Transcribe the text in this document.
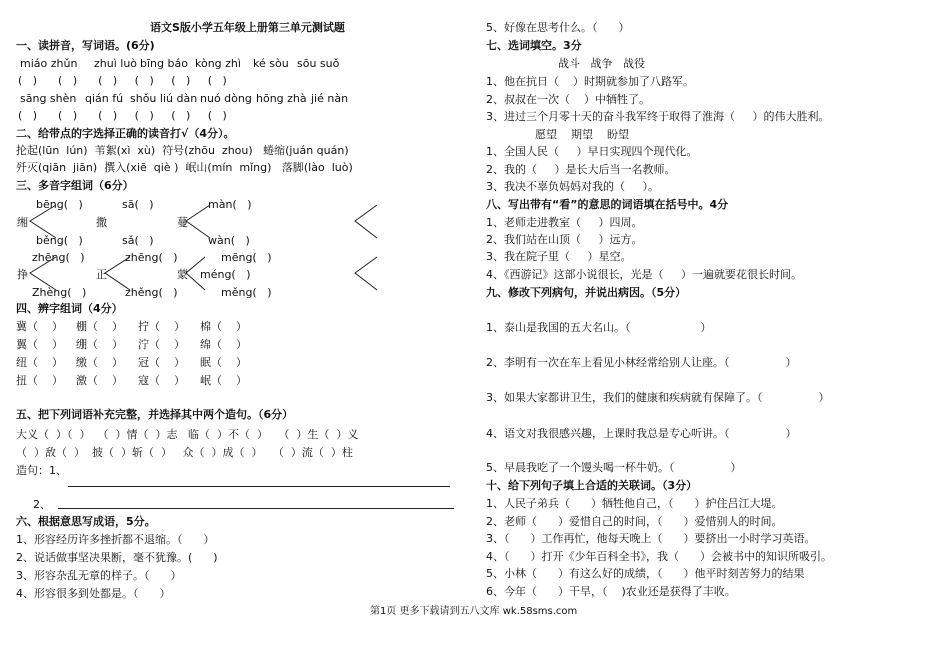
语文S版小学五年级上册第三单元测试题
一、读拼音，写词语。(6分)
miáo zhǔn zhuì luò bīng báo kòng zhì ké sòu sōu suǒ
(   )      (   )      (   )     (   )     (   )     (   )
sāng shèn qián fú shǒu liú dàn nuó dòng hōng zhà jié nàn
(   )      (   )      (   )     (   )     (   )     (   )
二、给带点的字选择正确的读音打√（4分）。
抡起(lūn  lún)  苇絮(xì  xù)  符号(zhōu  zhou)   蜷缩(juán quán)
歼灭(qiān  jiān)  撰入(xiē  qiè )  岷山(mín  mǐng)   落脚(lào  luò)
三、多音字组词（6分）
bēng(   )	sā(   )	màn(   )
缃	撒	蔓
běng(   )	sǎ(   )	wàn(   )
zhēng(   )	zhēng(   )	mēng(   )
挣	正	蒙 méng(   )
Zhèng(   )	zhěng(   )	měng(   )
四、辨字组词（4分）
冀（    ） 棚（    ） 拧（    ） 棉（    ）
翼（    ） 绷（    ） 泞（    ） 绵（    ）
纽（    ） 缴（    ） 冠（    ） 眠（    ）
扭（    ） 激（    ） 寇（    ） 岷（    ）
五、把下列词语补充完整，并选择其中两个造句。（6分）
大义（  ）（  ）  （  ）情（  ）志   临（  ）不（  ）   （  ）生（  ）义
（  ）敌（  ）  披（  ）斩（  ）   众（  ）成（  ）   （  ）流（  ）柱
造句：1、
2、
六、根据意思写成语，5分。
1、形容经历许多挫折都不退缩。（      ）
2、说话做事坚决果断，毫不犹豫。(      )
3、形容杂乱无章的样子。（      ）
4、形容很多到处都是。（      ）
5、好像在思考什么。（      ）
七、选词填空。3分
战斗   战争   战役
1、他在抗日（    ）时期就参加了八路军。
2、叔叔在一次（    ）中牺牲了。
3、进过三个月零十天的奋斗我军终于取得了淮海（     ）的伟大胜利。
愿望    期望    盼望
1、全国人民（     ）早日实现四个现代化。
2、我的（     ）是长大后当一名教师。
3、我决不辜负妈妈对我的（     ）。
八、写出带有“看”的意思的词语填在括号中。4分
1、老师走进教室（     ）四周。
2、我们站在山顶（     ）远方。
3、我在院子里（     ）星空。
4、《西游记》这部小说很长，光是（     ）一遍就要花很长时间。
九、修改下列病句，并说出病因。（5分）
1、泰山是我国的五大名山。（                    ）
2、李明有一次在车上看见小林经常给别人让座。（                ）
3、如果大家都讲卫生，我们的健康和疾病就有保障了。（                ）
4、语文对我很感兴趣，上课时我总是专心听讲。（                ）
5、早晨我吃了一个馒头喝一杯牛奶。（                ）
十、给下列句子填上合适的关联词。（3分）
1、人民子弟兵（      ）牺牲他自己，（      ）护住吕江大堤。
2、老师（      ）爱惜自己的时间，（      ）爱惜别人的时间。
3、（      ）工作再忙，他每天晚上（      ）要挤出一小时学习英语。
4、（      ）打开《少年百科全书》，我（      ）会被书中的知识所吸引。
5、小林（      ）有这么好的成绩，（      ）他平时刻苦努力的结果
6、今年（      ）干旱，（    )农业还是获得了丰收。
第1页 更多下载请到五八文库 wk.58sms.com
